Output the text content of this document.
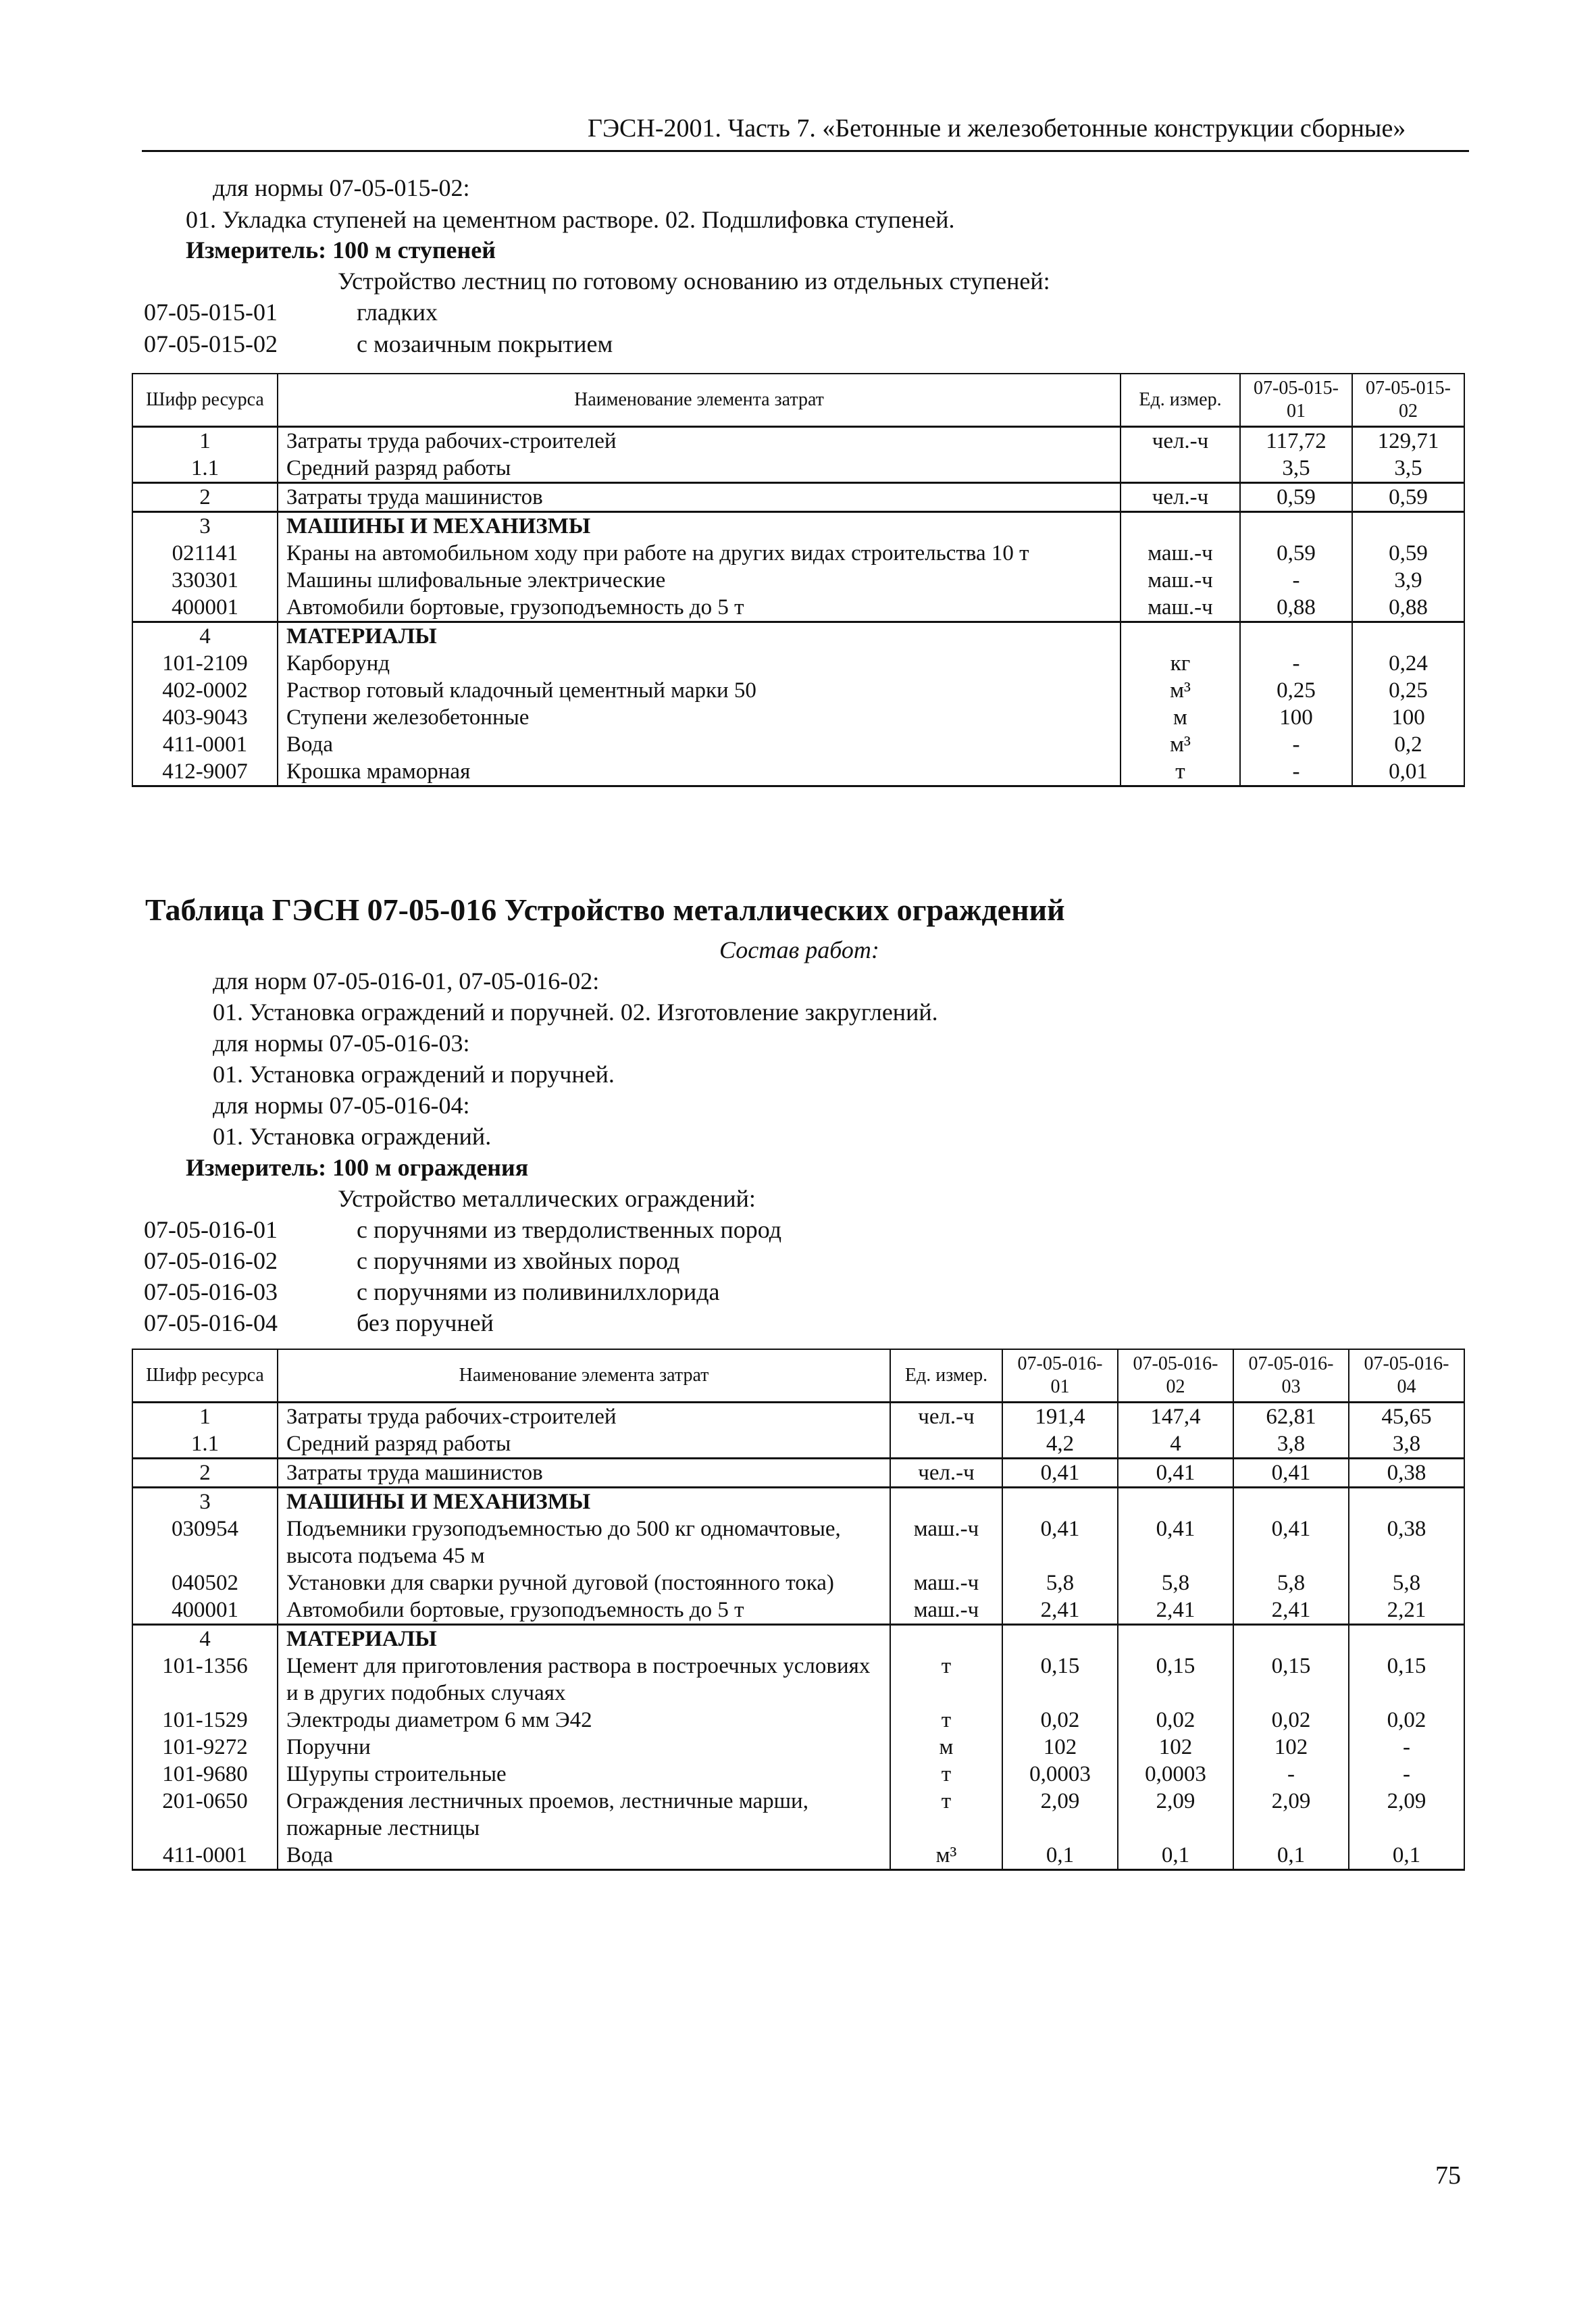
ГЭСН-2001. Часть 7. «Бетонные и железобетонные конструкции сборные»
для нормы 07-05-015-02:
01. Укладка ступеней на цементном растворе. 02. Подшлифовка ступеней.
Измеритель: 100 м ступеней
Устройство лестниц по готовому основанию из отдельных ступеней:
07-05-015-01	гладких
07-05-015-02	с мозаичным покрытием
Шифр ресурса	Наименование элемента затрат	Ед. измер.	07-05-015-01	07-05-015-02
1	Затраты труда рабочих-строителей	чел.-ч	117,72	129,71
1.1	Средний разряд работы		3,5	3,5
2	Затраты труда машинистов	чел.-ч	0,59	0,59
3	МАШИНЫ И МЕХАНИЗМЫ			
021141	Краны на автомобильном ходу при работе на других видах строительства 10 т	маш.-ч	0,59	0,59
330301	Машины шлифовальные электрические	маш.-ч	-	3,9
400001	Автомобили бортовые, грузоподъемность до 5 т	маш.-ч	0,88	0,88
4	МАТЕРИАЛЫ			
101-2109	Карборунд	кг	-	0,24
402-0002	Раствор готовый кладочный цементный марки 50	м³	0,25	0,25
403-9043	Ступени железобетонные	м	100	100
411-0001	Вода	м³	-	0,2
412-9007	Крошка мраморная	т	-	0,01
Таблица ГЭСН 07-05-016 Устройство металлических ограждений
Состав работ:
для норм 07-05-016-01, 07-05-016-02:
01. Установка ограждений и поручней. 02. Изготовление закруглений.
для нормы 07-05-016-03:
01. Установка ограждений и поручней.
для нормы 07-05-016-04:
01. Установка ограждений.
Измеритель: 100 м ограждения
Устройство металлических ограждений:
07-05-016-01	с поручнями из твердолиственных пород
07-05-016-02	с поручнями из хвойных пород
07-05-016-03	с поручнями из поливинилхлорида
07-05-016-04	без поручней
Шифр ресурса	Наименование элемента затрат	Ед. измер.	07-05-016-01	07-05-016-02	07-05-016-03	07-05-016-04
1	Затраты труда рабочих-строителей	чел.-ч	191,4	147,4	62,81	45,65
1.1	Средний разряд работы		4,2	4	3,8	3,8
2	Затраты труда машинистов	чел.-ч	0,41	0,41	0,41	0,38
3	МАШИНЫ И МЕХАНИЗМЫ					
030954	Подъемники грузоподъемностью до 500 кг одномачтовые, высота подъема 45 м	маш.-ч	0,41	0,41	0,41	0,38
040502	Установки для сварки ручной дуговой (постоянного тока)	маш.-ч	5,8	5,8	5,8	5,8
400001	Автомобили бортовые, грузоподъемность до 5 т	маш.-ч	2,41	2,41	2,41	2,21
4	МАТЕРИАЛЫ					
101-1356	Цемент для приготовления раствора в построечных условиях и в других подобных случаях	т	0,15	0,15	0,15	0,15
101-1529	Электроды диаметром 6 мм Э42	т	0,02	0,02	0,02	0,02
101-9272	Поручни	м	102	102	102	-
101-9680	Шурупы строительные	т	0,0003	0,0003	-	-
201-0650	Ограждения лестничных проемов, лестничные марши, пожарные лестницы	т	2,09	2,09	2,09	2,09
411-0001	Вода	м³	0,1	0,1	0,1	0,1
75
